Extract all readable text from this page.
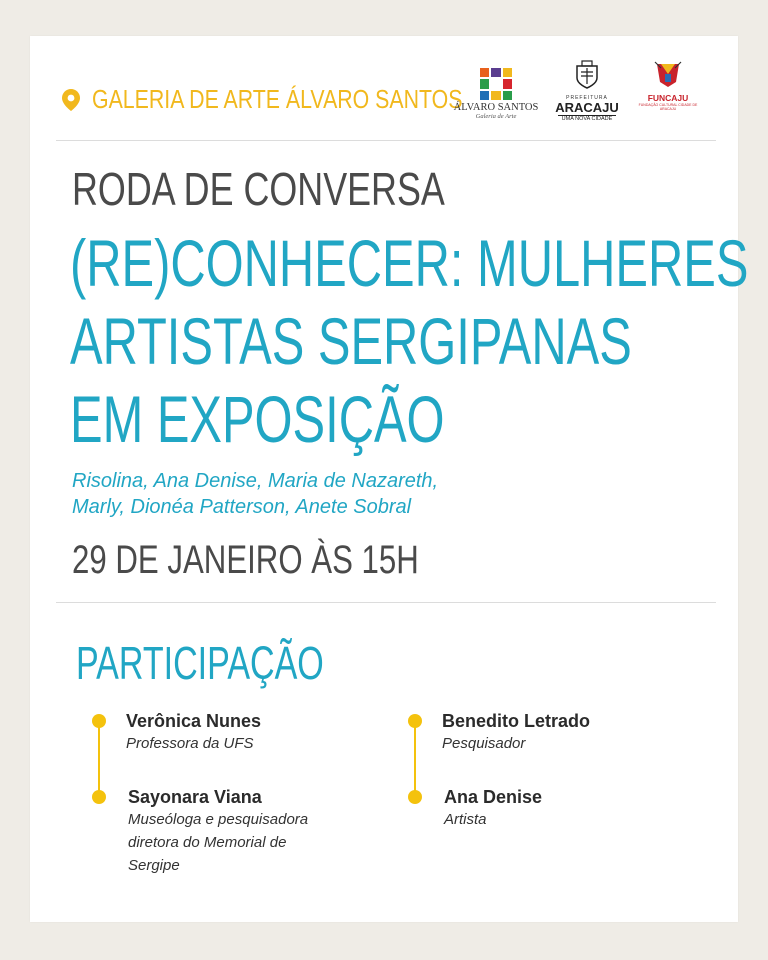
GALERIA DE ARTE ÁLVARO SANTOS
ÁLVARO SANTOS
Galeria de Arte
PREFEITURA
ARACAJU
UMA NOVA CIDADE
FUNCAJU
FUNDAÇÃO CULTURAL CIDADE DE ARACAJU
RODA DE CONVERSA
(RE)CONHECER: MULHERES
ARTISTAS SERGIPANAS
EM EXPOSIÇÃO
Risolina, Ana Denise, Maria de Nazareth,
Marly, Dionéa Patterson, Anete Sobral
29 DE JANEIRO ÀS 15H
PARTICIPAÇÃO
Verônica Nunes
Professora da UFS
Sayonara Viana
Museóloga e pesquisadora
diretora do Memorial de
Sergipe
Benedito Letrado
Pesquisador
Ana Denise
Artista
